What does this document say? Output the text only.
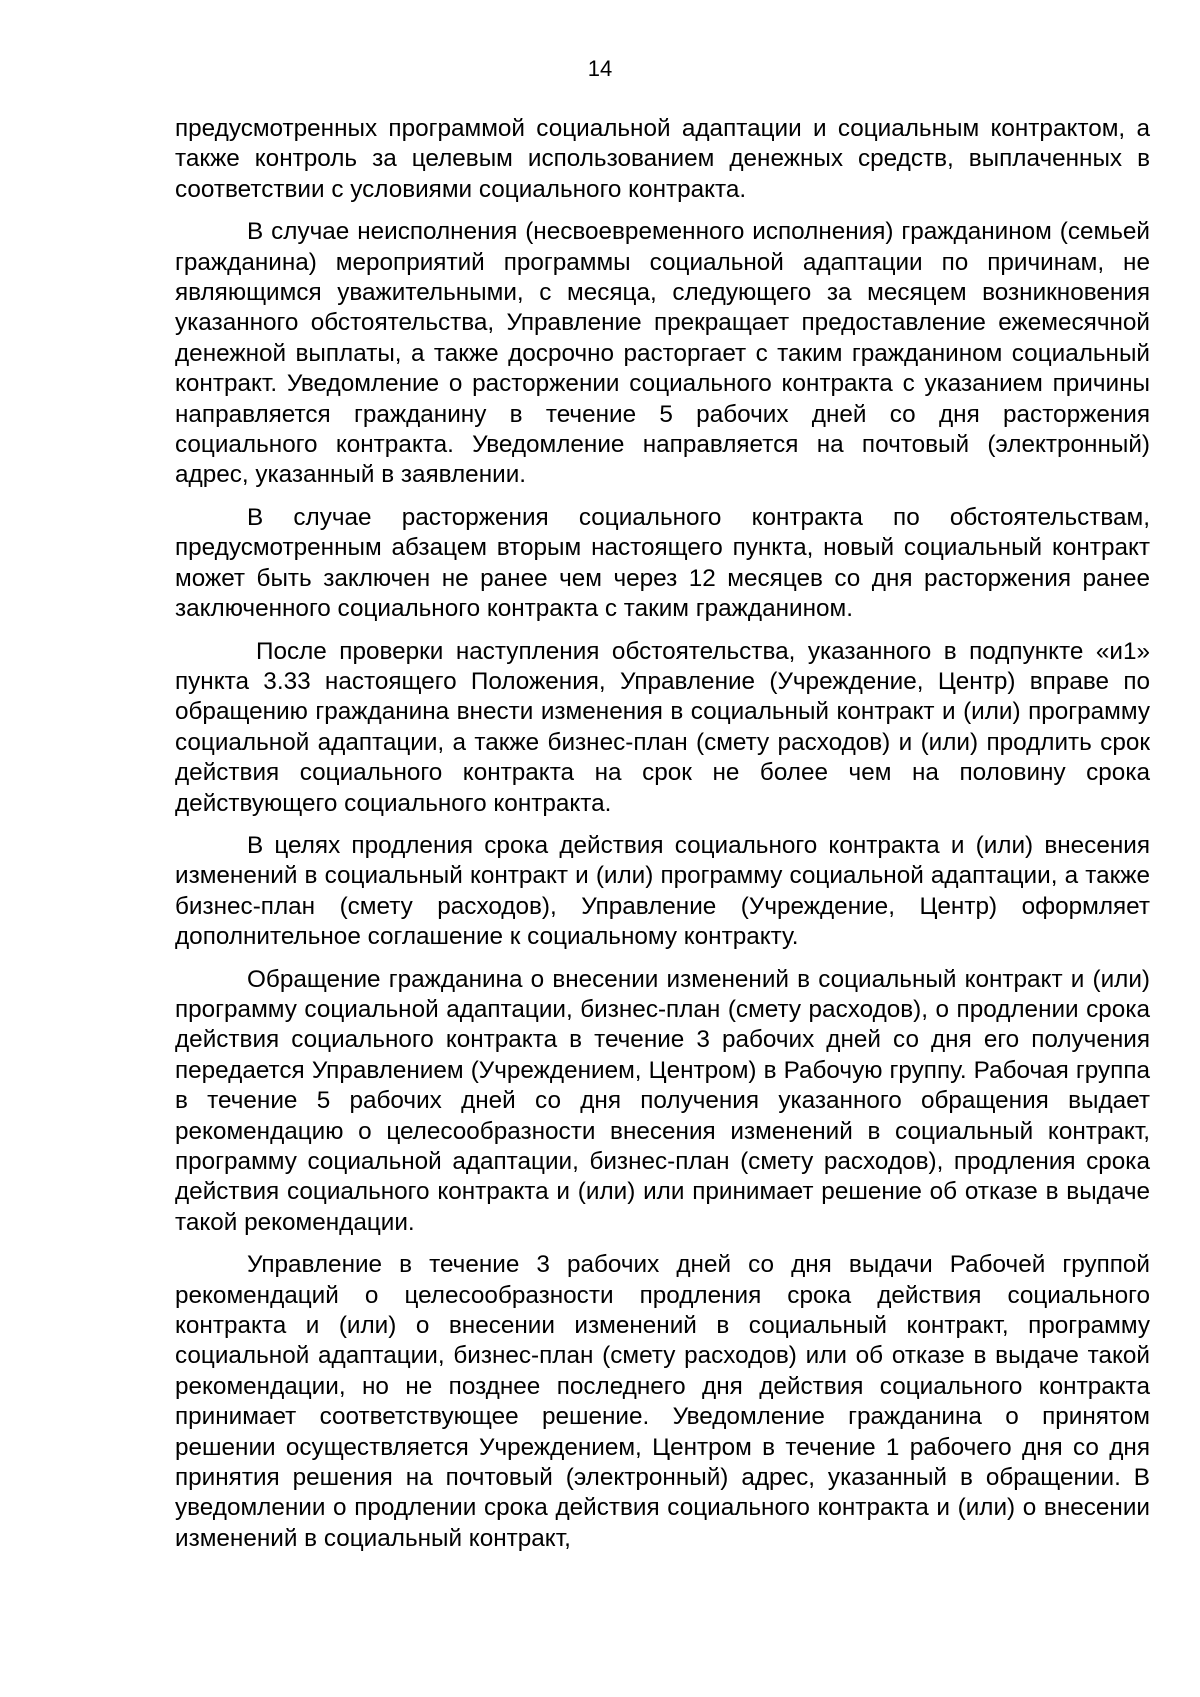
14

предусмотренных программой социальной адаптации и социальным контрактом, а также контроль за целевым использованием денежных средств, выплаченных в соответствии с условиями социального контракта.

В случае неисполнения (несвоевременного исполнения) гражданином (семьей гражданина) мероприятий программы социальной адаптации по причинам, не являющимся уважительными, с месяца, следующего за месяцем возникновения указанного обстоятельства, Управление прекращает предоставление ежемесячной денежной выплаты, а также досрочно расторгает с таким гражданином социальный контракт. Уведомление о расторжении социального контракта с указанием причины направляется гражданину в течение 5 рабочих дней со дня расторжения социального контракта. Уведомление направляется на почтовый (электронный) адрес, указанный в заявлении.

В случае расторжения социального контракта по обстоятельствам, предусмотренным абзацем вторым настоящего пункта, новый социальный контракт может быть заключен не ранее чем через 12 месяцев со дня расторжения ранее заключенного социального контракта с таким гражданином.

После проверки наступления обстоятельства, указанного в подпункте «и1» пункта 3.33 настоящего Положения, Управление (Учреждение, Центр) вправе по обращению гражданина внести изменения в социальный контракт и (или) программу социальной адаптации, а также бизнес-план (смету расходов) и (или) продлить срок действия социального контракта на срок не более чем на половину срока действующего социального контракта.

В целях продления срока действия социального контракта и (или) внесения изменений в социальный контракт и (или) программу социальной адаптации, а также бизнес-план (смету расходов), Управление (Учреждение, Центр) оформляет дополнительное соглашение к социальному контракту.

Обращение гражданина о внесении изменений в социальный контракт и (или) программу социальной адаптации, бизнес-план (смету расходов), о продлении срока действия социального контракта в течение 3 рабочих дней со дня его получения передается Управлением (Учреждением, Центром) в Рабочую группу. Рабочая группа в течение 5 рабочих дней со дня получения указанного обращения выдает рекомендацию о целесообразности внесения изменений в социальный контракт, программу социальной адаптации, бизнес-план (смету расходов), продления срока действия социального контракта и (или) или принимает решение об отказе в выдаче такой рекомендации.

Управление в течение 3 рабочих дней со дня выдачи Рабочей группой рекомендаций о целесообразности продления срока действия социального контракта и (или) о внесении изменений в социальный контракт, программу социальной адаптации, бизнес-план (смету расходов) или об отказе в выдаче такой рекомендации, но не позднее последнего дня действия социального контракта принимает соответствующее решение. Уведомление гражданина о принятом решении осуществляется Учреждением, Центром в течение 1 рабочего дня со дня принятия решения на почтовый (электронный) адрес, указанный в обращении. В уведомлении о продлении срока действия социального контракта и (или) о внесении изменений в социальный контракт,
